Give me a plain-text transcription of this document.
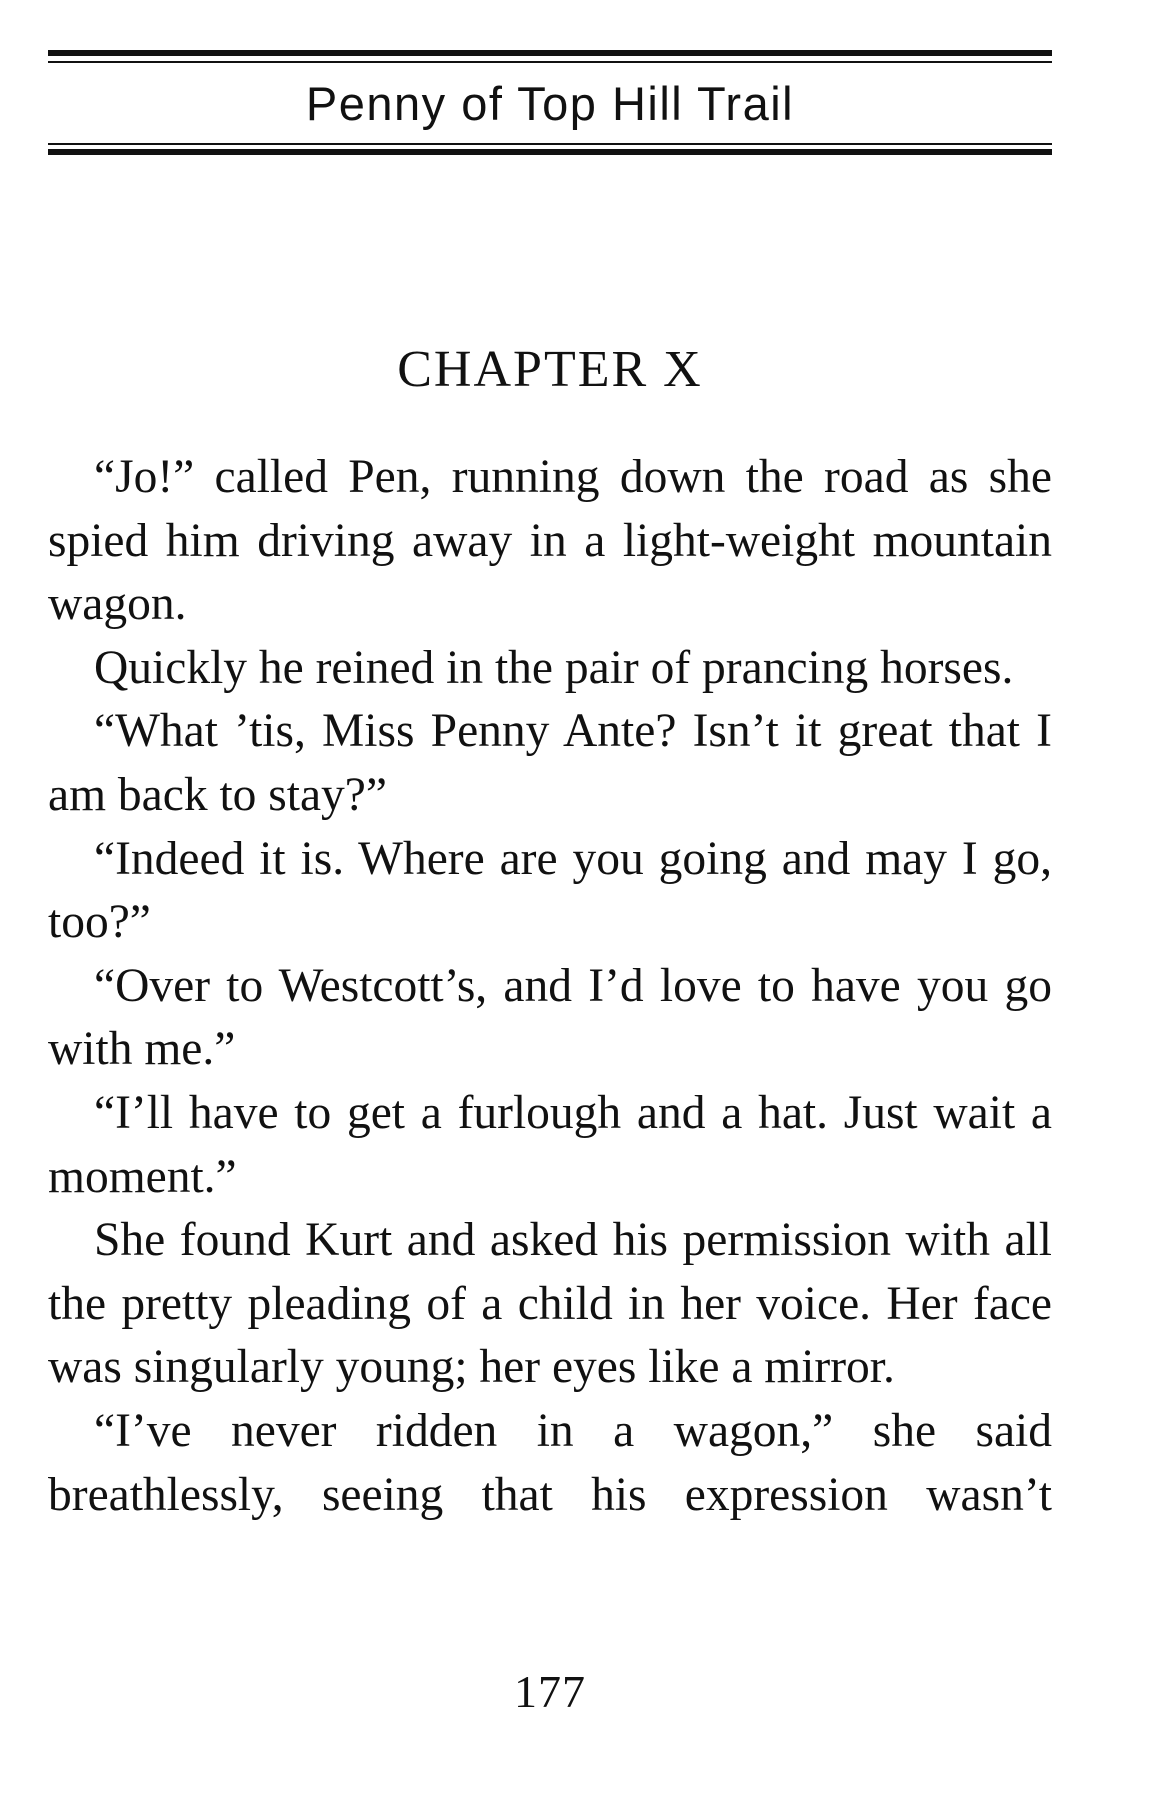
Penny of Top Hill Trail
CHAPTER X

“Jo!” called Pen, running down the road as she spied him driving away in a light-weight mountain wagon.

Quickly he reined in the pair of prancing horses.

“What ’tis, Miss Penny Ante? Isn’t it great that I am back to stay?”

“Indeed it is. Where are you going and may I go, too?”

“Over to Westcott’s, and I’d love to have you go with me.”

“I’ll have to get a furlough and a hat. Just wait a moment.”

She found Kurt and asked his permission with all the pretty pleading of a child in her voice. Her face was singularly young; her eyes like a mirror.

“I’ve never ridden in a wagon,” she said breathlessly, seeing that his expression wasn’t

177
